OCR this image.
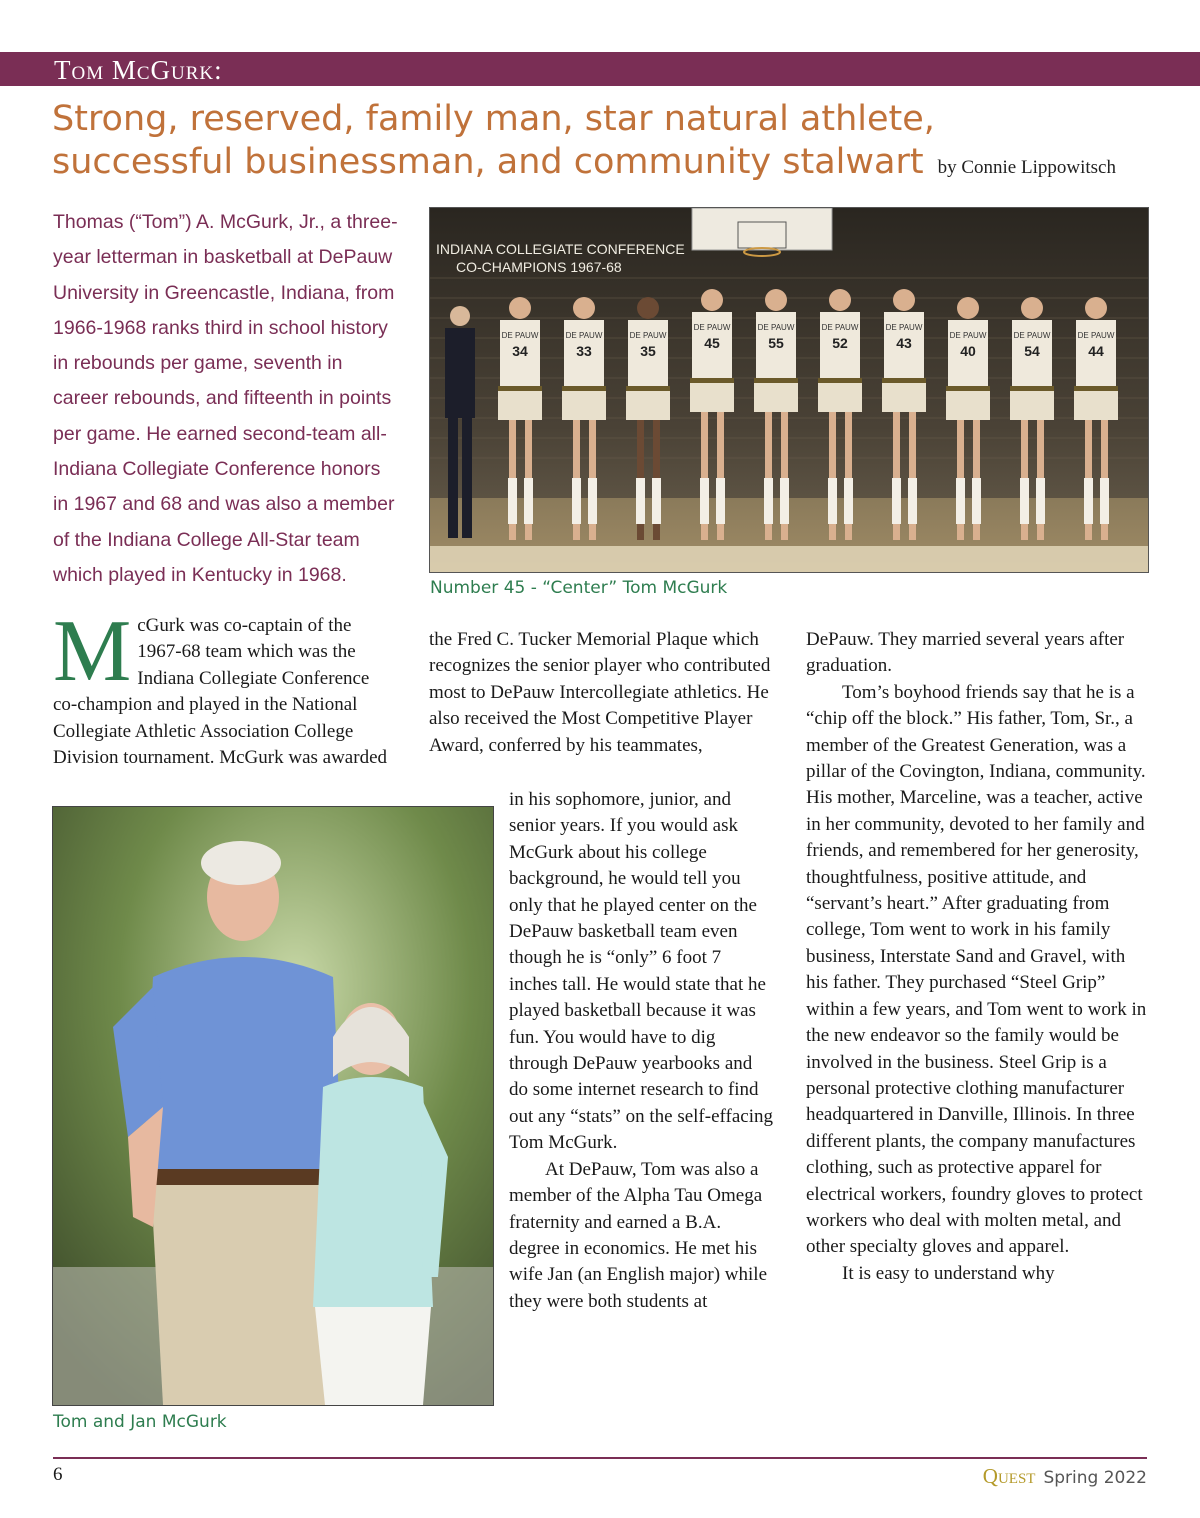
Tom McGurk:
Strong, reserved, family man, star natural athlete,
successful businessman, and community stalwart by Connie Lippowitsch
Thomas (“Tom”) A. McGurk, Jr., a three-year letterman in basketball at DePauw University in Greencastle, Indiana, from 1966-1968 ranks third in school history in rebounds per game, seventh in career rebounds, and fifteenth in points per game. He earned second-team all-Indiana Collegiate Conference honors in 1967 and 68 and was also a member of the Indiana College All-Star team which played in Kentucky in 1968.
INDIANA COLLEGIATE CONFERENCE
CO-CHAMPIONS 1967-68
DE PAUW
34
DE PAUW
33
DE PAUW
35
DE PAUW
45
DE PAUW
55
DE PAUW
52
DE PAUW
43	DE PAUW
40
DE PAUW
54
DE PAUW
44
Number 45 - “Center” Tom McGurk
Tom and Jan McGurk
M cGurk was co-captain of the 1967-68 team which was the Indiana Collegiate Conference co-champion and played in the National Collegiate Athletic Association College Division tournament. McGurk was awarded

the Fred C. Tucker Memorial Plaque which recognizes the senior player who contributed most to DePauw Intercollegiate athletics. He also received the Most Competitive Player Award, conferred by his teammates,

in his sophomore, junior, and senior years. If you would ask McGurk about his college background, he would tell you only that he played center on the DePauw basketball team even though he is “only” 6 foot 7 inches tall. He would state that he played basketball because it was fun. You would have to dig through DePauw yearbooks and do some internet research to find out any “stats” on the self-effacing Tom McGurk.

At DePauw, Tom was also a member of the Alpha Tau Omega fraternity and earned a B.A. degree in economics. He met his wife Jan (an English major) while they were both students at

DePauw. They married several years after graduation.

Tom’s boyhood friends say that he is a “chip off the block.” His father, Tom, Sr., a member of the Greatest Generation, was a pillar of the Covington, Indiana, community. His mother, Marceline, was a teacher, active in her community, devoted to her family and friends, and remembered for her generosity, thoughtfulness, positive attitude, and “servant’s heart.” After graduating from college, Tom went to work in his family business, Interstate Sand and Gravel, with his father. They purchased “Steel Grip” within a few years, and Tom went to work in the new endeavor so the family would be involved in the business. Steel Grip is a personal protective clothing manufacturer headquartered in Danville, Illinois. In three different plants, the company manufactures clothing, such as protective apparel for electrical workers, foundry gloves to protect workers who deal with molten metal, and other specialty gloves and apparel.

It is easy to understand why

6	Quest Spring 2022
